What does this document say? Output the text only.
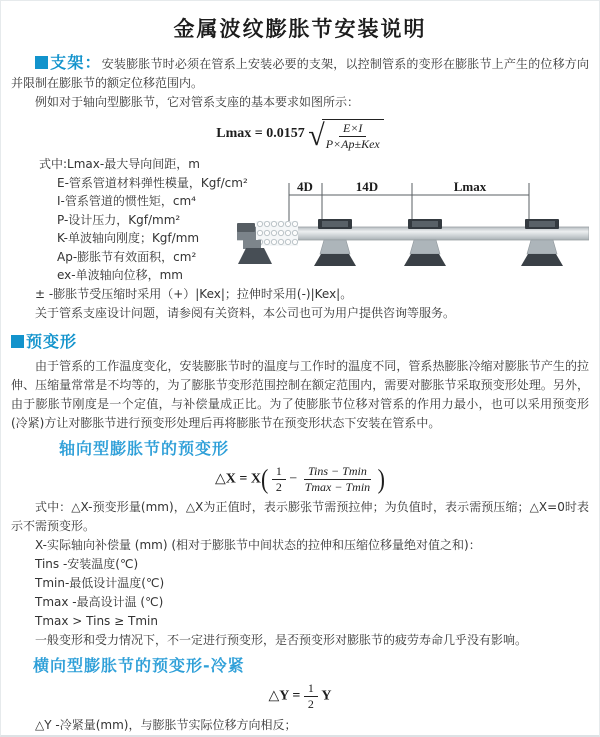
金属波纹膨胀节安装说明

支架：安装膨胀节时必须在管系上安装必要的支架，以控制管系的变形在膨胀节上产生的位移方向并限制在膨胀节的额定位移范围内。

例如对于轴向型膨胀节，它对管系支座的基本要求如图所示：

Lmax = 0.0157 √
$\frac{E\times I}{\text{P×Ap±Kex}}$

式中:Lmax-最大导向间距，m

E-管系管道材料弹性模量，Kgf/cm²

I-管系管道的惯性矩，cm⁴

P-设计压力，Kgf/mm²

K-单波轴向刚度；Kgf/mm

Ap-膨胀节有效面积，cm²

ex-单波轴向位移，mm

4D	14D	Lmax

± -膨胀节受压缩时采用（+）|Kex|；拉伸时采用(-)|Kex|。

关于管系支座设计问题，请参阅有关资料，本公司也可为用户提供咨询等服务。

预变形

由于管系的工作温度变化，安装膨胀节时的温度与工作时的温度不同，管系热膨胀冷缩对膨胀节产生的拉伸、压缩量常常是不均等的，为了膨胀节变形范围控制在额定范围内，需要对膨胀节采取预变形处理。另外，由于膨胀节刚度是一个定值，与补偿量成正比。为了使膨胀节位移对管系的作用力最小，也可以采用预变形(冷紧)方让对膨胀节进行预变形处理后再将膨胀节在预变形状态下安装在管系中。

轴向型膨胀节的预变形

△X = $X( \frac{1}{2} - \frac{\text{Tins − Tmin}}{Tmax - Tmin}$ )

式中：△X-预变形量(mm)，△X为正值时，表示膨张节需预拉伸；为负值时，表示需预压缩；△X=0时表示不需预变形。

X-实际轴向补偿量 (mm) (相对于膨胀节中间状态的拉伸和压缩位移量绝对值之和)：

Tins -安装温度(℃)

Tmin-最低设计温度(℃)

Tmax -最高设计温 (℃)

Tmax > Tins ≥ Tmin

一般变形和受力情况下，不一定进行预变形，是否预变形对膨胀节的疲劳寿命几乎没有影响。

横向型膨胀节的预变形-冷紧

△Y = $\frac{1}{2}$ Y

△Y -冷紧量(mm)，与膨胀节实际位移方向相反；
